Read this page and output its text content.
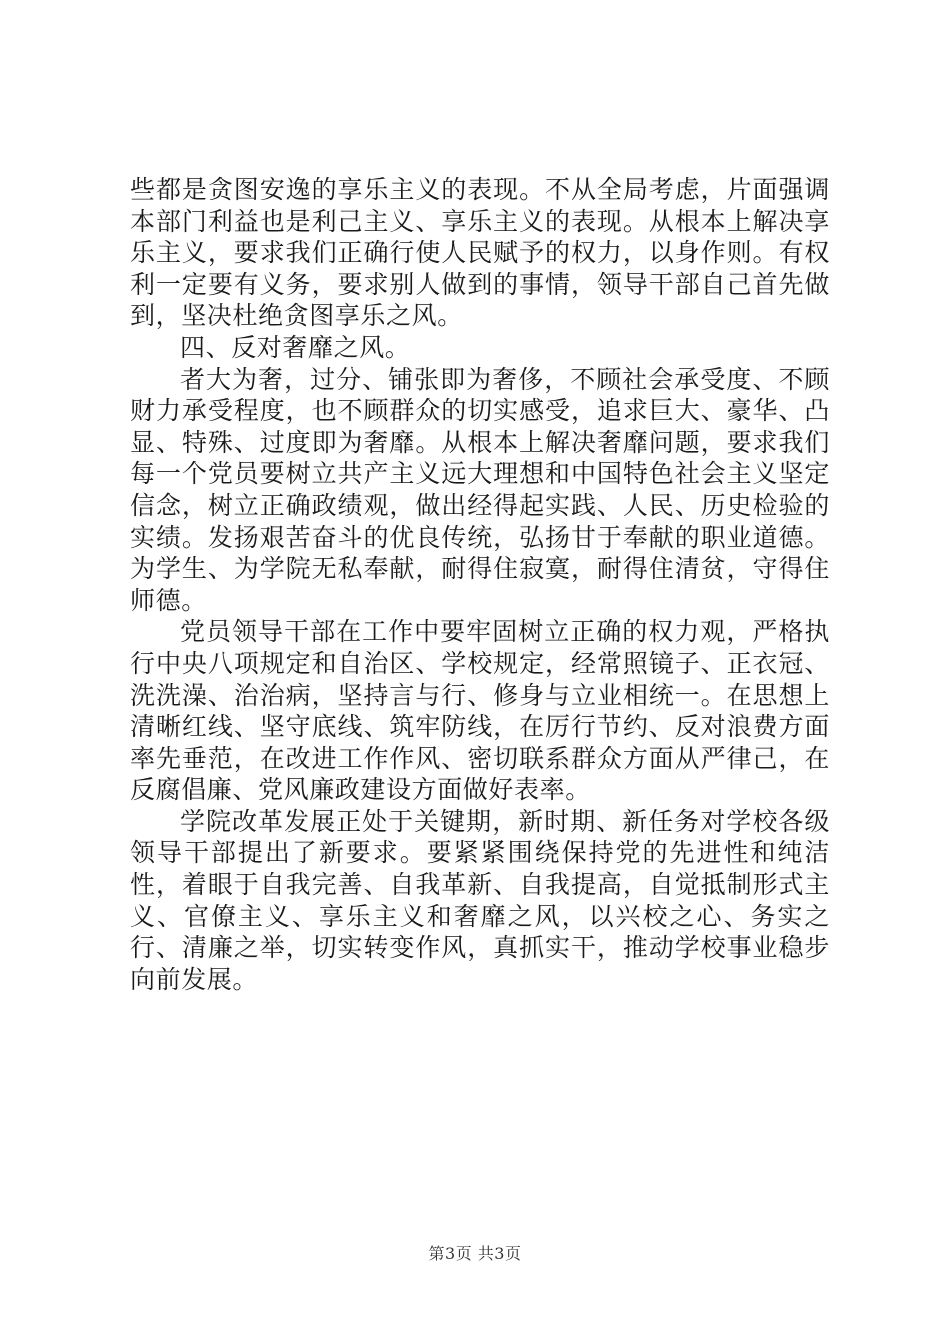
些都是贪图安逸的享乐主义的表现。不从全局考虑，片面强调本部门利益也是利己主义、享乐主义的表现。从根本上解决享乐主义，要求我们正确行使人民赋予的权力，以身作则。有权利一定要有义务，要求别人做到的事情，领导干部自己首先做到，坚决杜绝贪图享乐之风。

四、反对奢靡之风。

者大为奢，过分、铺张即为奢侈，不顾社会承受度、不顾财力承受程度，也不顾群众的切实感受，追求巨大、豪华、凸显、特殊、过度即为奢靡。从根本上解决奢靡问题，要求我们每一个党员要树立共产主义远大理想和中国特色社会主义坚定信念，树立正确政绩观，做出经得起实践、人民、历史检验的实绩。发扬艰苦奋斗的优良传统，弘扬甘于奉献的职业道德。为学生、为学院无私奉献，耐得住寂寞，耐得住清贫，守得住师德。

党员领导干部在工作中要牢固树立正确的权力观，严格执行中央八项规定和自治区、学校规定，经常照镜子、正衣冠、洗洗澡、治治病，坚持言与行、修身与立业相统一。在思想上清晰红线、坚守底线、筑牢防线，在厉行节约、反对浪费方面率先垂范，在改进工作作风、密切联系群众方面从严律己，在反腐倡廉、党风廉政建设方面做好表率。

学院改革发展正处于关键期，新时期、新任务对学校各级领导干部提出了新要求。要紧紧围绕保持党的先进性和纯洁性，着眼于自我完善、自我革新、自我提高，自觉抵制形式主义、官僚主义、享乐主义和奢靡之风，以兴校之心、务实之行、清廉之举，切实转变作风，真抓实干，推动学校事业稳步向前发展。

第3页 共3页
